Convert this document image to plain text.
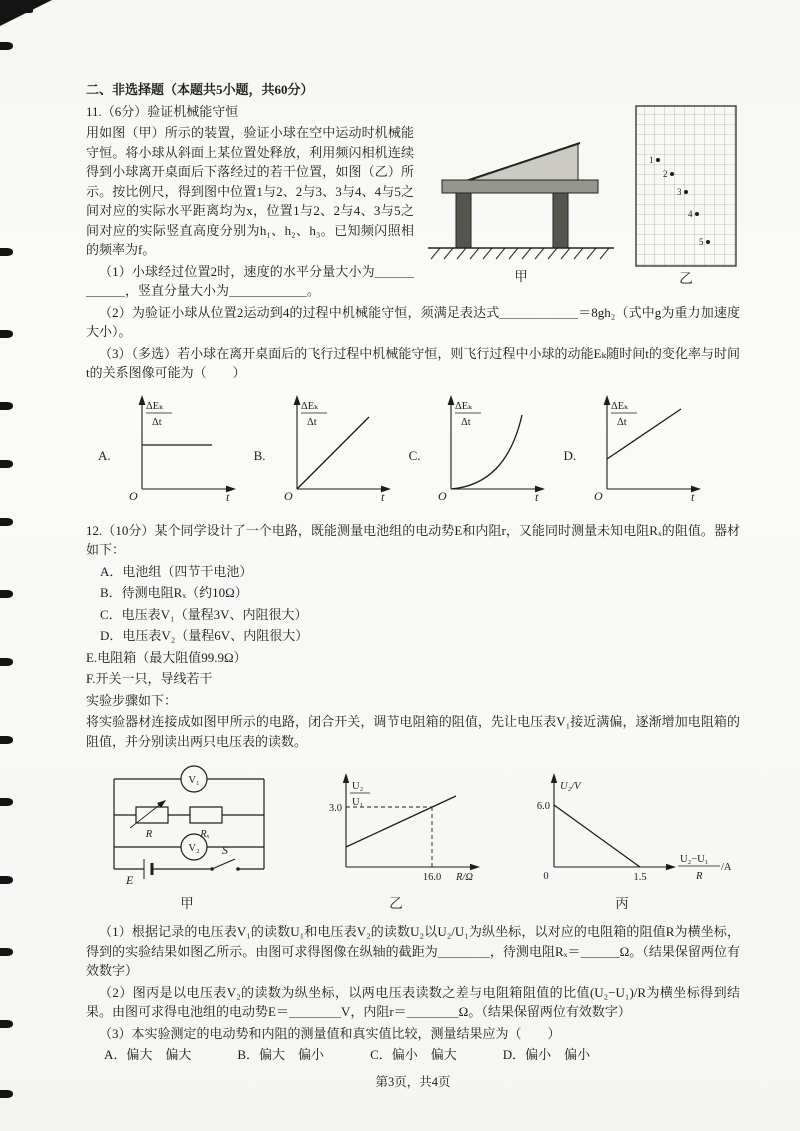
二、非选择题（本题共5小题，共60分）
1
2
3
4
5
乙
甲

11.（6分）验证机械能守恒

用如图（甲）所示的装置，验证小球在空中运动时机械能守恒。将小球从斜面上某位置处释放，利用频闪相机连续得到小球离开桌面后下落经过的若干位置，如图（乙）所示。按比例尺，得到图中位置1与2、2与3、3与4、4与5之间对应的实际水平距离均为x，位置1与2、2与4、3与5之间对应的实际竖直高度分别为h₁、h₂、h₃。已知频闪照相的频率为f。

（1）小球经过位置2时，速度的水平分量大小为＿＿＿＿＿＿，竖直分量大小为＿＿＿＿＿＿。

（2）为验证小球从位置2运动到4的过程中机械能守恒，须满足表达式＿＿＿＿＿＿＝8gh₂（式中g为重力加速度大小）。

（3）（多选）若小球在离开桌面后的飞行过程中机械能守恒，则飞行过程中小球的动能Eₖ随时间t的变化率与时间t的关系图像可能为（　　）

A.
ΔEₖ
Δt
O	t
B.
ΔEₖ
Δt
O	t
C.
ΔEₖ
Δt
O	t
D.
ΔEₖ
Δt
O	t

12.（10分）某个同学设计了一个电路，既能测量电池组的电动势E和内阻r，又能同时测量未知电阻Rₓ的阻值。器材如下：

A．电池组（四节干电池）

B．待测电阻Rₓ（约10Ω）

C．电压表V₁（量程3V、内阻很大）

D．电压表V₂（量程6V、内阻很大）

E.电阻箱（最大阻值99.9Ω）

F.开关一只，导线若干

实验步骤如下：

将实验器材连接成如图甲所示的电路，闭合开关，调节电阻箱的阻值，先让电压表V₁接近满偏，逐渐增加电阻箱的阻值，并分别读出两只电压表的读数。

V₁
R	Rₓ
V₂
E
S
甲
U₂
U₁
3.0
16.0 R/Ω
乙
U₂/V
6.0
0	1.5
U₂−U₁
R
/A
丙

（1）根据记录的电压表V₁的读数U₁和电压表V₂的读数U₂以U₂/U₁为纵坐标，以对应的电阻箱的阻值R为横坐标，得到的实验结果如图乙所示。由图可求得图像在纵轴的截距为＿＿＿＿，待测电阻Rₓ＝＿＿＿Ω。（结果保留两位有效数字）

（2）图丙是以电压表V₂的读数为纵坐标，以两电压表读数之差与电阻箱阻值的比值(U₂−U₁)/R为横坐标得到结果。由图可求得电池组的电动势E＝＿＿＿＿V，内阻r＝＿＿＿＿Ω。（结果保留两位有效数字）

（3）本实验测定的电动势和内阻的测量值和真实值比较，测量结果应为（　　）

A．偏大　偏大	B．偏大　偏小	C．偏小　偏大	D．偏小　偏小
第3页，共4页
